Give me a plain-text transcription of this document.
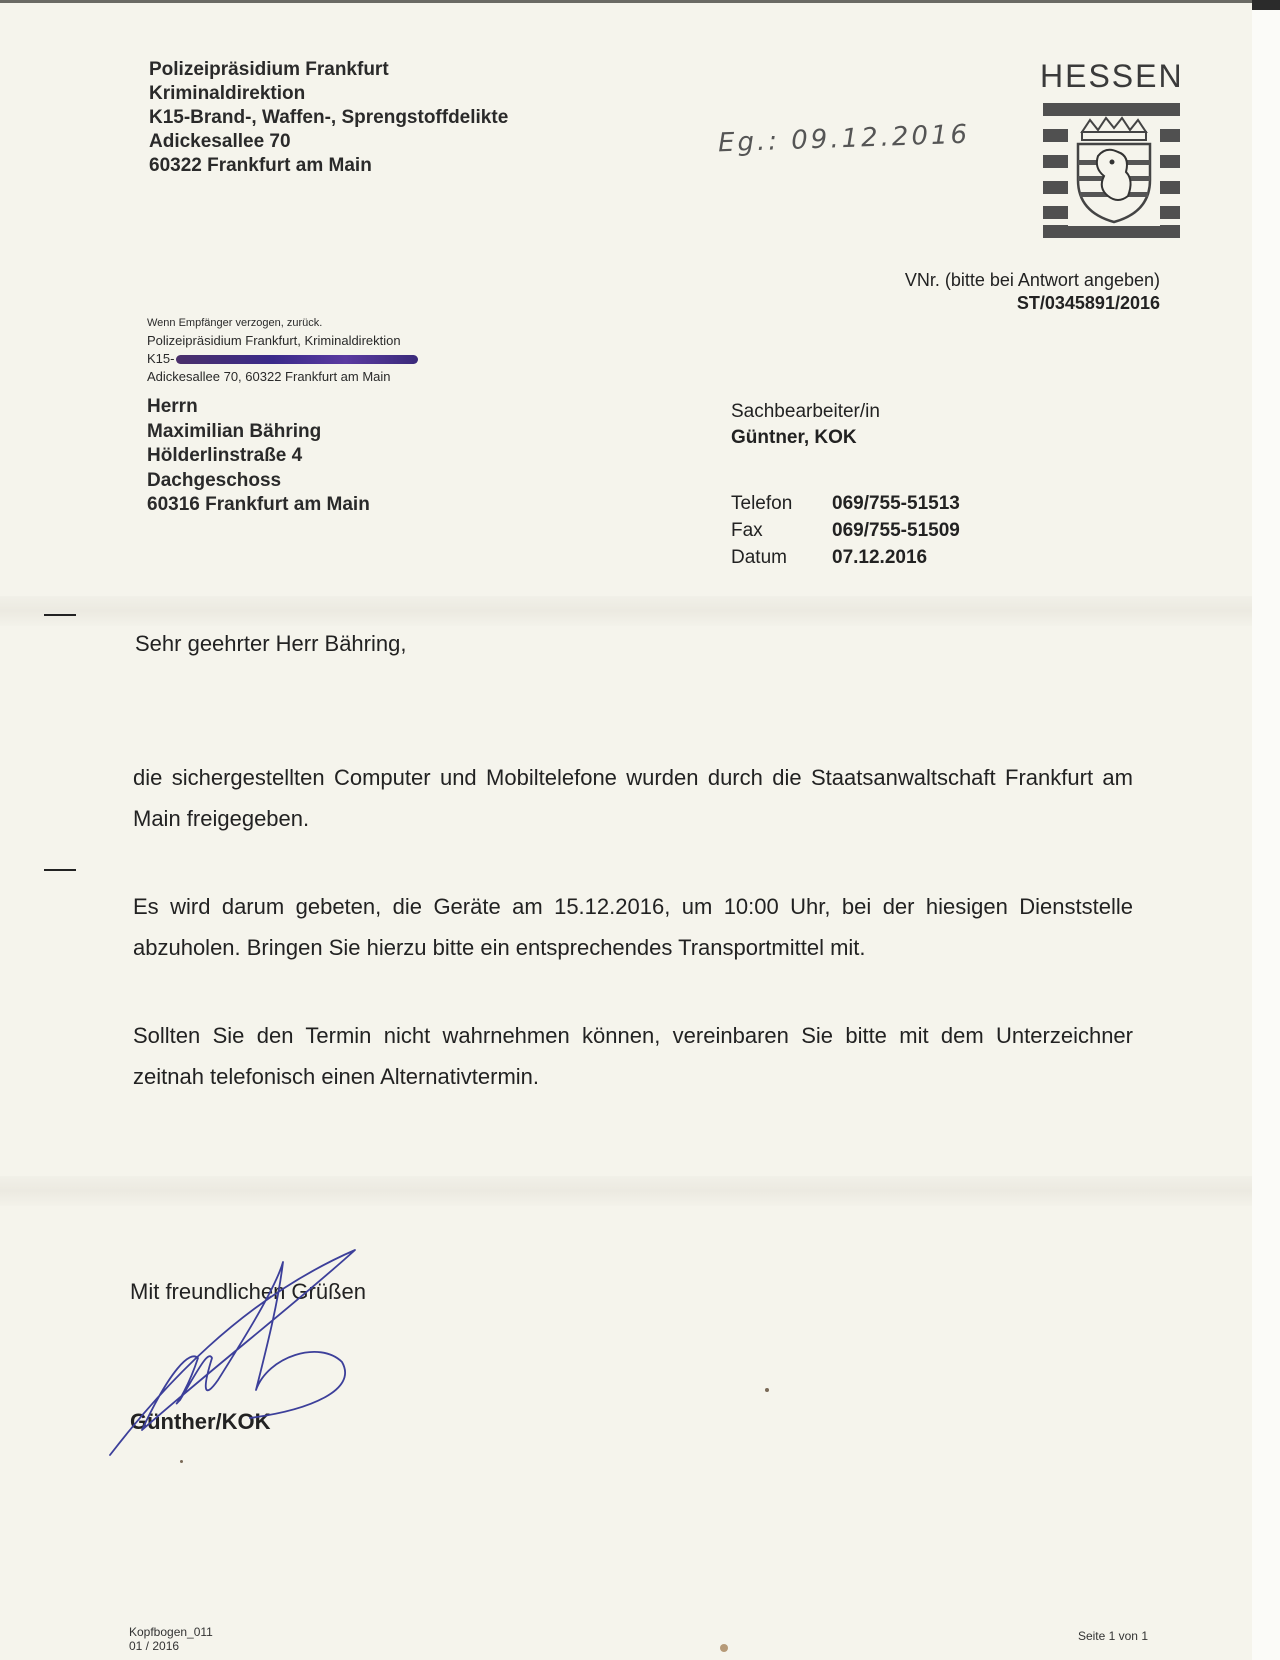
Polizeipräsidium Frankfurt
Kriminaldirektion
K15-Brand-, Waffen-, Sprengstoffdelikte
Adickesallee 70
60322 Frankfurt am Main
HESSEN
Eg.: 09.12.2016
VNr. (bitte bei Antwort angeben)
ST/0345891/2016
Wenn Empfänger verzogen, zurück.
Polizeipräsidium Frankfurt, Kriminaldirektion
K15-
Adickesallee 70, 60322 Frankfurt am Main
Herrn
Maximilian Bähring
Hölderlinstraße 4
Dachgeschoss
60316 Frankfurt am Main
Sachbearbeiter/in
Güntner, KOK
Telefon	069/755-51513
Fax	069/755-51509
Datum	07.12.2016
Sehr geehrter Herr Bähring,
die sichergestellten Computer und Mobiltelefone wurden durch die Staatsanwaltschaft Frankfurt am Main freigegeben.
Es wird darum gebeten, die Geräte am 15.12.2016, um 10:00 Uhr, bei der hiesigen Dienststelle abzuholen. Bringen Sie hierzu bitte ein entsprechendes Transportmittel mit.
Sollten Sie den Termin nicht wahrnehmen können, vereinbaren Sie bitte mit dem Unterzeichner zeitnah telefonisch einen Alternativtermin.
Mit freundlichen Grüßen
Günther/KOK
Kopfbogen_011
01 / 2016
Seite 1 von 1
